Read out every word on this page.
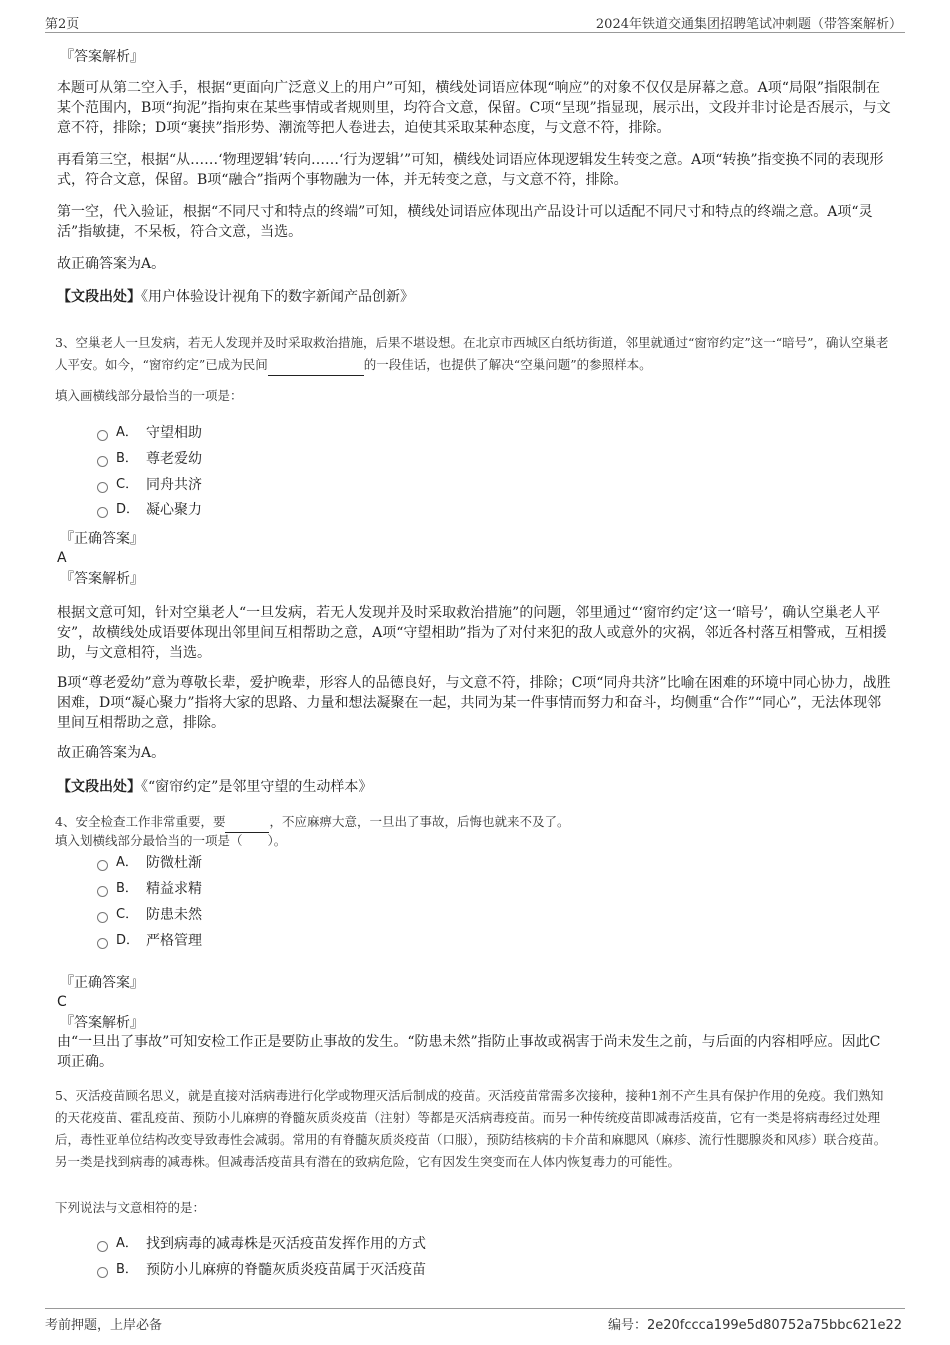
第2页	2024年铁道交通集团招聘笔试冲刺题（带答案解析）
『答案解析』
本题可从第二空入手，根据“更面向广泛意义上的用户”可知，横线处词语应体现“响应”的对象不仅仅是屏幕之意。A项“局限”指限制在某个范围内，B项“拘泥”指拘束在某些事情或者规则里，均符合文意，保留。C项“呈现”指显现，展示出，文段并非讨论是否展示，与文意不符，排除；D项“裹挟”指形势、潮流等把人卷进去，迫使其采取某种态度，与文意不符，排除。
再看第三空，根据“从……‘物理逻辑’转向……‘行为逻辑’”可知，横线处词语应体现逻辑发生转变之意。A项“转换”指变换不同的表现形式，符合文意，保留。B项“融合”指两个事物融为一体，并无转变之意，与文意不符，排除。
第一空，代入验证，根据“不同尺寸和特点的终端”可知，横线处词语应体现出产品设计可以适配不同尺寸和特点的终端之意。A项“灵活”指敏捷，不呆板，符合文意，当选。
故正确答案为A。
【文段出处】《用户体验设计视角下的数字新闻产品创新》
3、空巢老人一旦发病，若无人发现并及时采取救治措施，后果不堪设想。在北京市西城区白纸坊街道，邻里就通过“窗帘约定”这一“暗号”，确认空巢老人平安。如今，“窗帘约定”已成为民间	的一段佳话，也提供了解决“空巢问题”的参照样本。
填入画横线部分最恰当的一项是：
A． 守望相助
B． 尊老爱幼
C． 同舟共济
D． 凝心聚力
『正确答案』
A
『答案解析』
根据文意可知，针对空巢老人“一旦发病，若无人发现并及时采取救治措施”的问题，邻里通过“‘窗帘约定’这一‘暗号’，确认空巢老人平安”，故横线处成语要体现出邻里间互相帮助之意，A项“守望相助”指为了对付来犯的敌人或意外的灾祸，邻近各村落互相警戒，互相援助，与文意相符，当选。
B项“尊老爱幼”意为尊敬长辈，爱护晚辈，形容人的品德良好，与文意不符，排除；C项“同舟共济”比喻在困难的环境中同心协力，战胜困难，D项“凝心聚力”指将大家的思路、力量和想法凝聚在一起，共同为某一件事情而努力和奋斗，均侧重“合作”“同心”，无法体现邻里间互相帮助之意，排除。
故正确答案为A。
【文段出处】《“窗帘约定”是邻里守望的生动样本》
4、安全检查工作非常重要，要	，不应麻痹大意，一旦出了事故，后悔也就来不及了。
填入划横线部分最恰当的一项是（　　）。
A． 防微杜渐
B． 精益求精
C． 防患未然
D． 严格管理
『正确答案』
C
『答案解析』
由“一旦出了事故”可知安检工作正是要防止事故的发生。“防患未然”指防止事故或祸害于尚未发生之前，与后面的内容相呼应。因此C项正确。
5、灭活疫苗顾名思义，就是直接对活病毒进行化学或物理灭活后制成的疫苗。灭活疫苗常需多次接种，接种1剂不产生具有保护作用的免疫。我们熟知的天花疫苗、霍乱疫苗、预防小儿麻痹的脊髓灰质炎疫苗（注射）等都是灭活病毒疫苗。而另一种传统疫苗即减毒活疫苗，它有一类是将病毒经过处理后，毒性亚单位结构改变导致毒性会减弱。常用的有脊髓灰质炎疫苗（口服），预防结核病的卡介苗和麻腮风（麻疹、流行性腮腺炎和风疹）联合疫苗。另一类是找到病毒的减毒株。但减毒活疫苗具有潜在的致病危险，它有因发生突变而在人体内恢复毒力的可能性。
下列说法与文意相符的是：
A． 找到病毒的减毒株是灭活疫苗发挥作用的方式
B． 预防小儿麻痹的脊髓灰质炎疫苗属于灭活疫苗
考前押题，上岸必备	编号：2e20fccca199e5d80752a75bbc621e22
